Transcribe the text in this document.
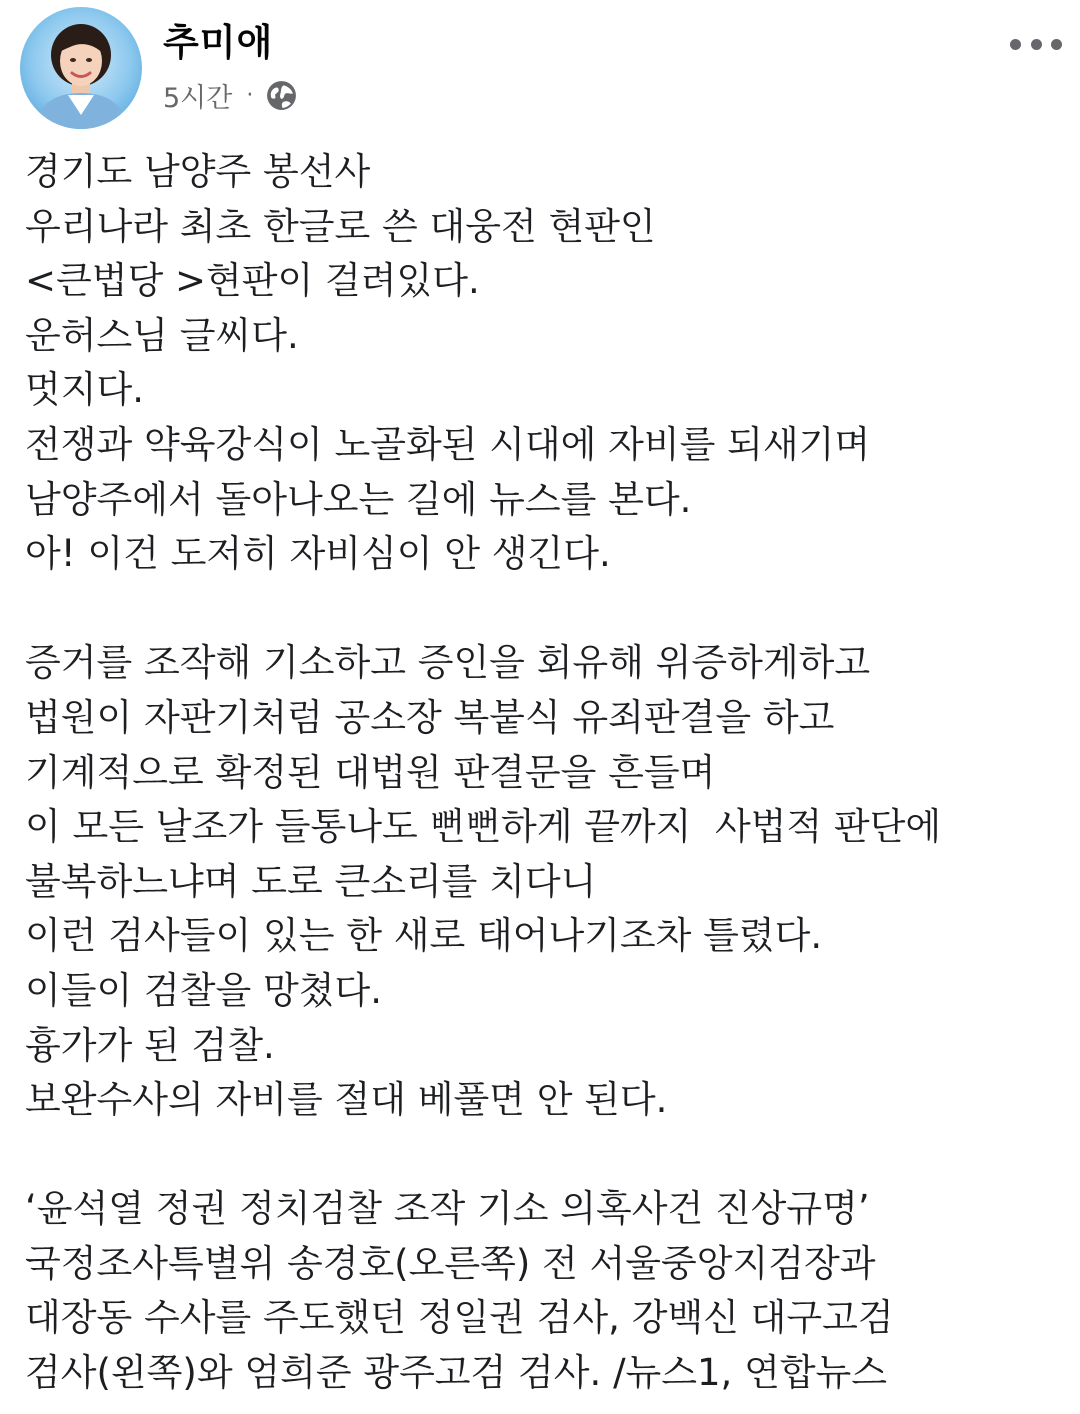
추미애
5시간 ·
경기도 남양주 봉선사
우리나라 최초 한글로 쓴 대웅전 현판인
<큰법당 >현판이 걸려있다.
운허스님 글씨다.
멋지다.
전쟁과 약육강식이 노골화된 시대에 자비를 되새기며
남양주에서 돌아나오는 길에 뉴스를 본다.
아! 이건 도저히 자비심이 안 생긴다.
증거를 조작해 기소하고 증인을 회유해 위증하게하고
법원이 자판기처럼 공소장 복붙식 유죄판결을 하고
기계적으로 확정된 대법원 판결문을 흔들며
이 모든 날조가 들통나도 뻔뻔하게 끝까지  사법적 판단에
불복하느냐며 도로 큰소리를 치다니
이런 검사들이 있는 한 새로 태어나기조차 틀렸다.
이들이 검찰을 망쳤다.
흉가가 된 검찰.
보완수사의 자비를 절대 베풀면 안 된다.
‘윤석열 정권 정치검찰 조작 기소 의혹사건 진상규명’
국정조사특별위 송경호(오른쪽) 전 서울중앙지검장과
대장동 수사를 주도했던 정일권 검사, 강백신 대구고검
검사(왼쪽)와 엄희준 광주고검 검사. /뉴스1, 연합뉴스
